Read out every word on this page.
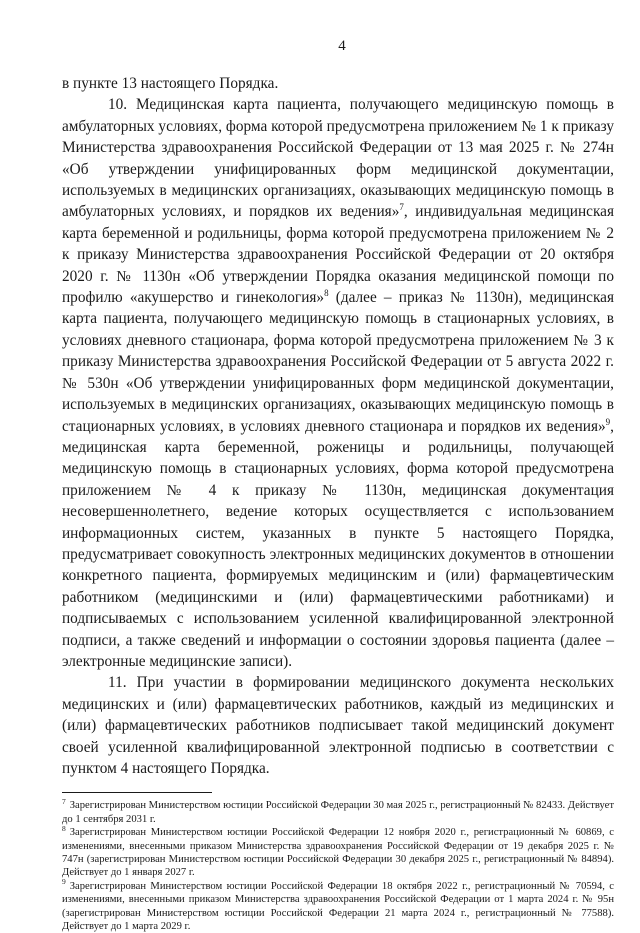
4

в пункте 13 настоящего Порядка.

10. Медицинская карта пациента, получающего медицинскую помощь в амбулаторных условиях, форма которой предусмотрена приложением № 1 к приказу Министерства здравоохранения Российской Федерации от 13 мая 2025 г. № 274н «Об утверждении унифицированных форм медицинской документации, используемых в медицинских организациях, оказывающих медицинскую помощь в амбулаторных условиях, и порядков их ведения»$^7$, индивидуальная медицинская карта беременной и родильницы, форма которой предусмотрена приложением № 2 к приказу Министерства здравоохранения Российской Федерации от 20 октября 2020 г. № 1130н «Об утверждении Порядка оказания медицинской помощи по профилю «акушерство и гинекология»$^8$ (далее – приказ № 1130н), медицинская карта пациента, получающего медицинскую помощь в стационарных условиях, в условиях дневного стационара, форма которой предусмотрена приложением № 3 к приказу Министерства здравоохранения Российской Федерации от 5 августа 2022 г. № 530н «Об утверждении унифицированных форм медицинской документации, используемых в медицинских организациях, оказывающих медицинскую помощь в стационарных условиях, в условиях дневного стационара и порядков их ведения»$^9$, медицинская карта беременной, роженицы и родильницы, получающей медицинскую помощь в стационарных условиях, форма которой предусмотрена приложением № 4 к приказу № 1130н, медицинская документация несовершеннолетнего, ведение которых осуществляется с использованием информационных систем, указанных в пункте 5 настоящего Порядка, предусматривает совокупность электронных медицинских документов в отношении конкретного пациента, формируемых медицинским и (или) фармацевтическим работником (медицинскими и (или) фармацевтическими работниками) и подписываемых с использованием усиленной квалифицированной электронной подписи, а также сведений и информации о состоянии здоровья пациента (далее – электронные медицинские записи).

11. При участии в формировании медицинского документа нескольких медицинских и (или) фармацевтических работников, каждый из медицинских и (или) фармацевтических работников подписывает такой медицинский документ своей усиленной квалифицированной электронной подписью в соответствии с пунктом 4 настоящего Порядка.

$^7$ Зарегистрирован Министерством юстиции Российской Федерации 30 мая 2025 г., регистрационный № 82433. Действует до 1 сентября 2031 г.

$^8$ Зарегистрирован Министерством юстиции Российской Федерации 12 ноября 2020 г., регистрационный № 60869, с изменениями, внесенными приказом Министерства здравоохранения Российской Федерации от 19 декабря 2025 г. № 747н (зарегистрирован Министерством юстиции Российской Федерации 30 декабря 2025 г., регистрационный № 84894). Действует до 1 января 2027 г.

$^9$ Зарегистрирован Министерством юстиции Российской Федерации 18 октября 2022 г., регистрационный № 70594, с изменениями, внесенными приказом Министерства здравоохранения Российской Федерации от 1 марта 2024 г. № 95н (зарегистрирован Министерством юстиции Российской Федерации 21 марта 2024 г., регистрационный № 77588). Действует до 1 марта 2029 г.
